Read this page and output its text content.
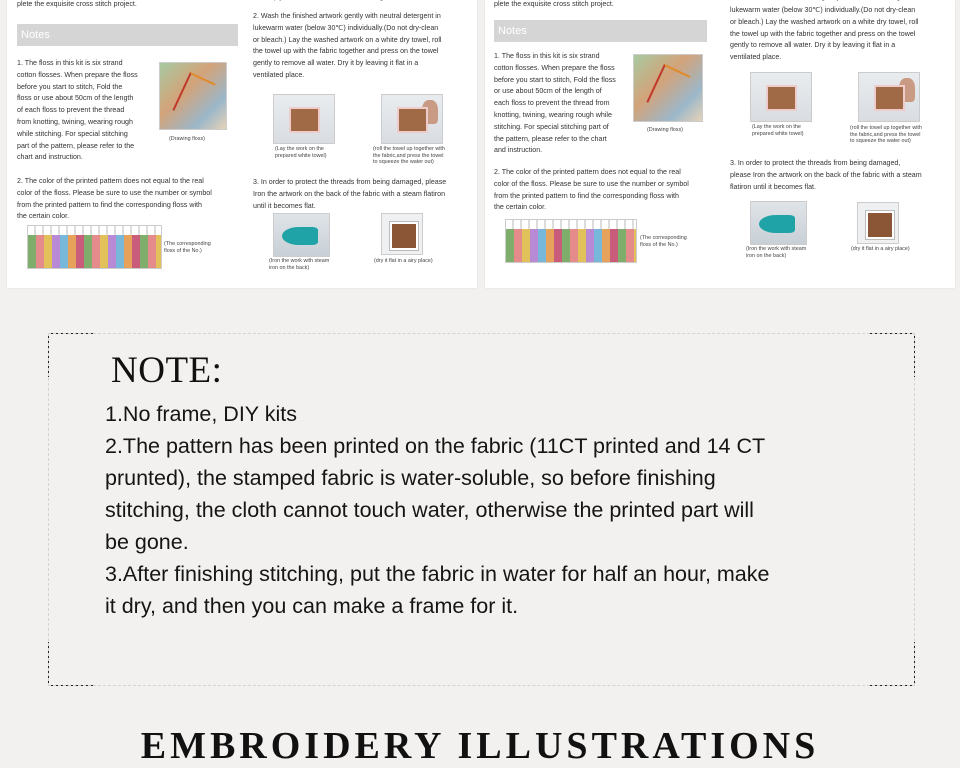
plete the exquisite cross stitch project.
Notes
1. The floss in this kit is six strand
cotton flosses. When prepare the floss
before you start to stitch, Fold the
floss or use about 50cm of the length
of each floss to prevent the thread
from knotting, twining, wearing rough
while stitching. For special stitching
part of the pattern, please refer to the
chart and instruction.
(Drawing floss)
2. The color of the printed pattern does not equal to the real
color of the floss. Please be sure to use the number or symbol
from the printed pattern to find the corresponding floss with
the certain color.
(The corresponding
floss of the No.)
2. Wash the finished artwork gently with neutral detergent in
lukewarm water (below 30℃) individually.(Do not dry-clean
or bleach.) Lay the washed artwork on a white dry towel, roll
the towel up with the fabric together and press on the towel
gently to remove all water. Dry it by leaving it flat in a
ventilated place.
(Lay the work on the
prepared white towel)
(roll the towel up together with
the fabric,and press the towel
to squeeze the water out)
3. In order to protect the threads from being damaged, please
Iron the artwork on the back of the fabric with a steam flatiron
until it becomes flat.
(Iron the work with steam
iron on the back)
(dry it flat in a airy place)
plete the exquisite cross stitch project.
Notes
1. The floss in this kit is six strand
cotton flosses. When prepare the floss
before you start to stitch, Fold the floss
or use about 50cm of the length of
each floss to prevent the thread from
knotting, twining, wearing rough while
stitching. For special stitching part of
the pattern, please refer to the chart
and instruction.
(Drawing floss)
2. The color of the printed pattern does not equal to the real
color of the floss. Please be sure to use the number or symbol
from the printed pattern to find the corresponding floss with
the certain color.
(The corresponding
floss of the No.)
lukewarm water (below 30℃) individually.(Do not dry-clean
or bleach.) Lay the washed artwork on a white dry towel, roll
the towel up with the fabric together and press on the towel
gently to remove all water. Dry it by leaving it flat in a
ventilated place.
(Lay the work on the
prepared white towel)
(roll the towel up together with
the fabric,and press the towel
to squeeze the water out)
3. In order to protect the threads from being damaged,
please Iron the artwork on the back of the fabric with a steam
flatiron until it becomes flat.
(Iron the work with steam
iron on the back)
(dry it flat in a airy place)
NOTE:
1.No frame, DIY kits
2.The pattern has been printed on the fabric (11CT printed and 14 CT
prunted), the stamped fabric is water-soluble, so before finishing
stitching, the cloth cannot touch water, otherwise the printed part will
be gone.
3.After finishing stitching, put the fabric in water for half an hour, make
it dry, and then you can make a frame for it.
EMBROIDERY ILLUSTRATIONS
